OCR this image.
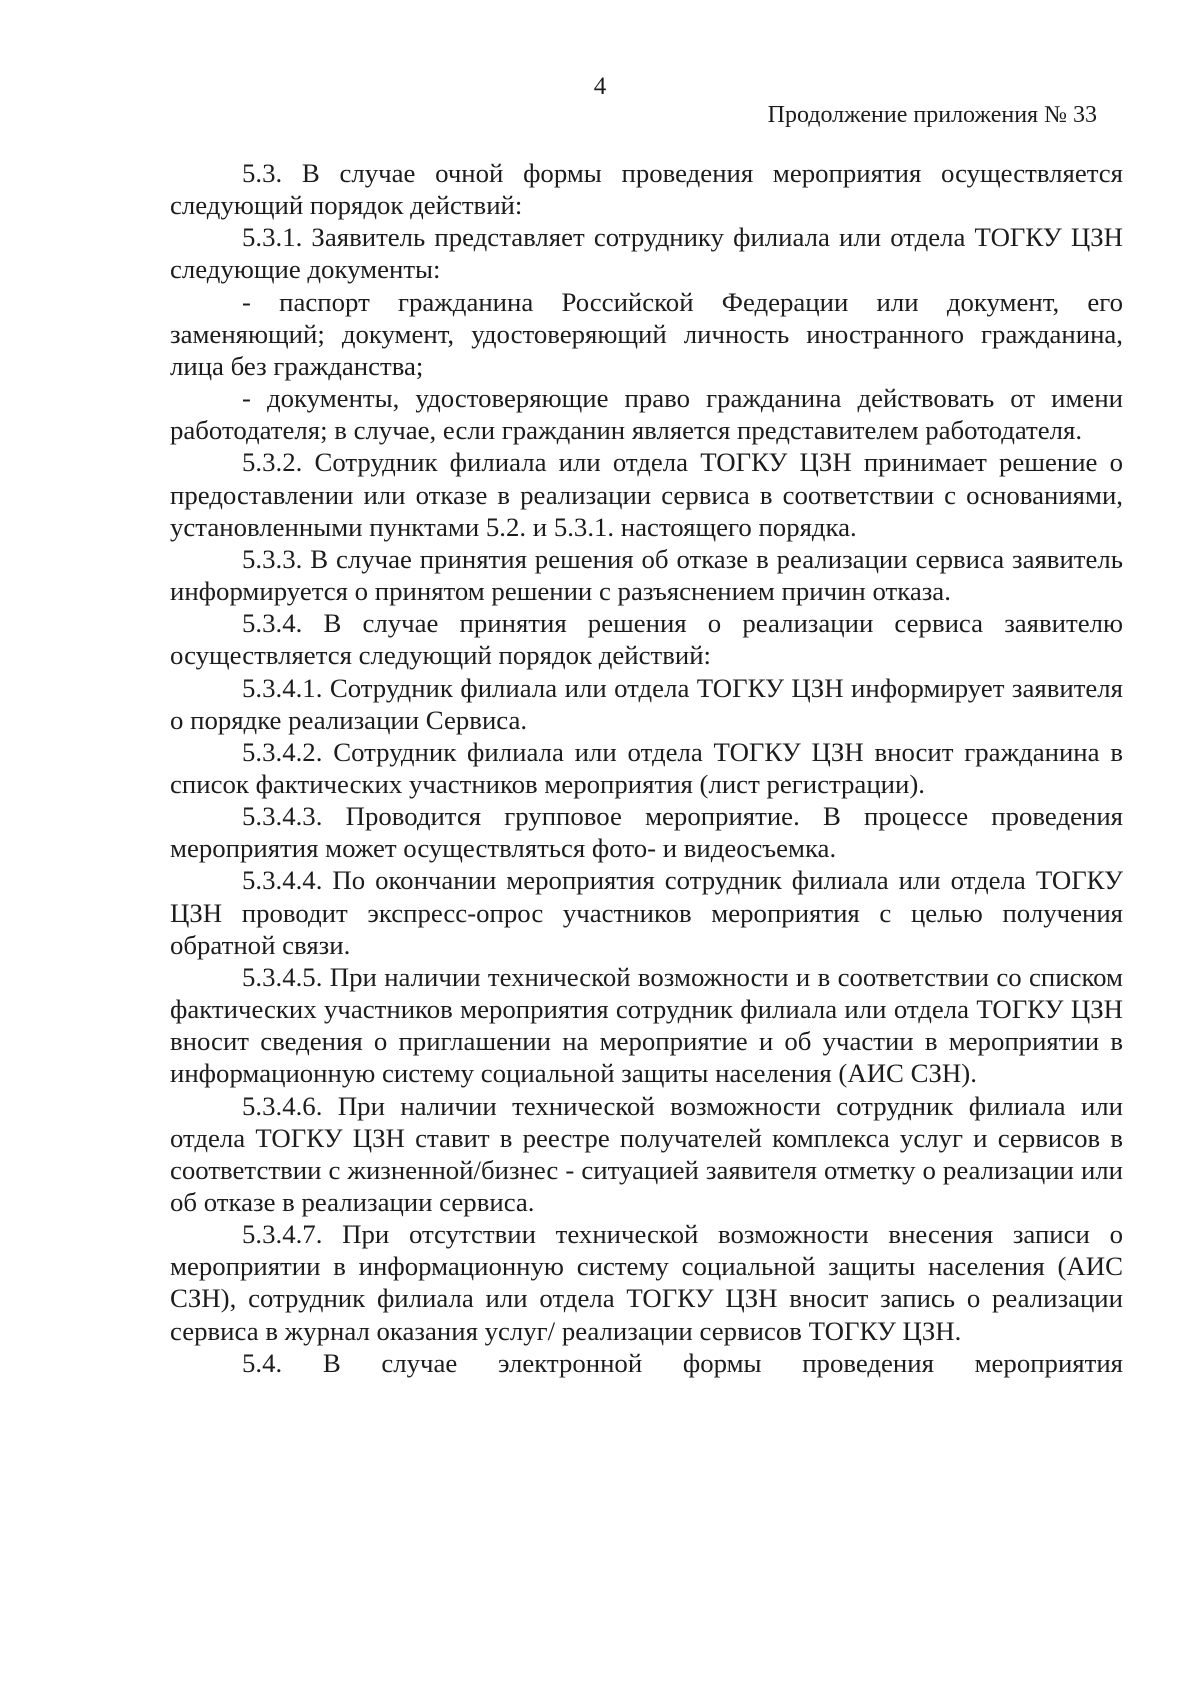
4
Продолжение приложения № 33

5.3. В случае очной формы проведения мероприятия осуществляется следующий порядок действий:

5.3.1. Заявитель представляет сотруднику филиала или отдела ТОГКУ ЦЗН следующие документы:

- паспорт гражданина Российской Федерации или документ, его заменяющий; документ, удостоверяющий личность иностранного гражданина, лица без гражданства;

- документы, удостоверяющие право гражданина действовать от имени работодателя; в случае, если гражданин является представителем работодателя.

5.3.2. Сотрудник филиала или отдела ТОГКУ ЦЗН принимает решение о предоставлении или отказе в реализации сервиса в соответствии с основаниями, установленными пунктами 5.2. и 5.3.1. настоящего порядка.

5.3.3. В случае принятия решения об отказе в реализации сервиса заявитель информируется о принятом решении с разъяснением причин отказа.

5.3.4. В случае принятия решения о реализации сервиса заявителю осуществляется следующий порядок действий:

5.3.4.1. Сотрудник филиала или отдела ТОГКУ ЦЗН информирует заявителя о порядке реализации Сервиса.

5.3.4.2. Сотрудник филиала или отдела ТОГКУ ЦЗН вносит гражданина в список фактических участников мероприятия (лист регистрации).

5.3.4.3. Проводится групповое мероприятие. В процессе проведения мероприятия может осуществляться фото- и видеосъемка.

5.3.4.4. По окончании мероприятия сотрудник филиала или отдела ТОГКУ ЦЗН проводит экспресс-опрос участников мероприятия с целью получения обратной связи.

5.3.4.5. При наличии технической возможности и в соответствии со списком фактических участников мероприятия сотрудник филиала или отдела ТОГКУ ЦЗН вносит сведения о приглашении на мероприятие и об участии в мероприятии в информационную систему социальной защиты населения (АИС СЗН).

5.3.4.6. При наличии технической возможности сотрудник филиала или отдела ТОГКУ ЦЗН ставит в реестре получателей комплекса услуг и сервисов в соответствии с жизненной/бизнес - ситуацией заявителя отметку о реализации или об отказе в реализации сервиса.

5.3.4.7. При отсутствии технической возможности внесения записи о мероприятии в информационную систему социальной защиты населения (АИС СЗН), сотрудник филиала или отдела ТОГКУ ЦЗН вносит запись о реализации сервиса в журнал оказания услуг/ реализации сервисов ТОГКУ ЦЗН.

5.4. В случае электронной формы проведения мероприятия
